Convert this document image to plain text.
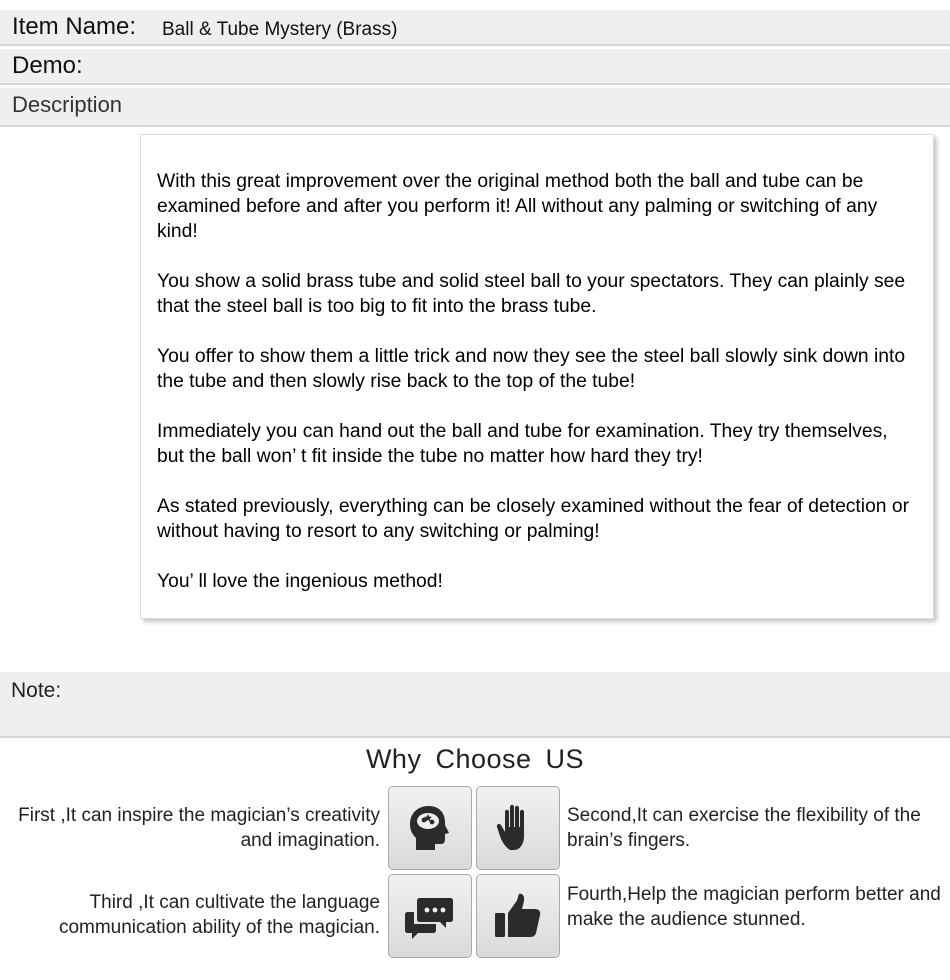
Item Name: Ball & Tube Mystery (Brass)
Demo:
Description

With this great improvement over the original method both the ball and tube can be examined before and after you perform it! All without any palming or switching of any kind!

You show a solid brass tube and solid steel ball to your spectators. They can plainly see that the steel ball is too big to fit into the brass tube.

You offer to show them a little trick and now they see the steel ball slowly sink down into the tube and then slowly rise back to the top of the tube!

Immediately you can hand out the ball and tube for examination. They try themselves, but the ball won’ t fit inside the tube no matter how hard they try!

As stated previously, everything can be closely examined without the fear of detection or without having to resort to any switching or palming!

You’ ll love the ingenious method!

Note:
Why Choose US
First ,It can inspire the magician’s creativity and imagination.
Second,It can exercise the flexibility of the brain’s fingers.
Third ,It can cultivate the language communication ability of the magician.
Fourth,Help the magician perform better and make the audience stunned.
